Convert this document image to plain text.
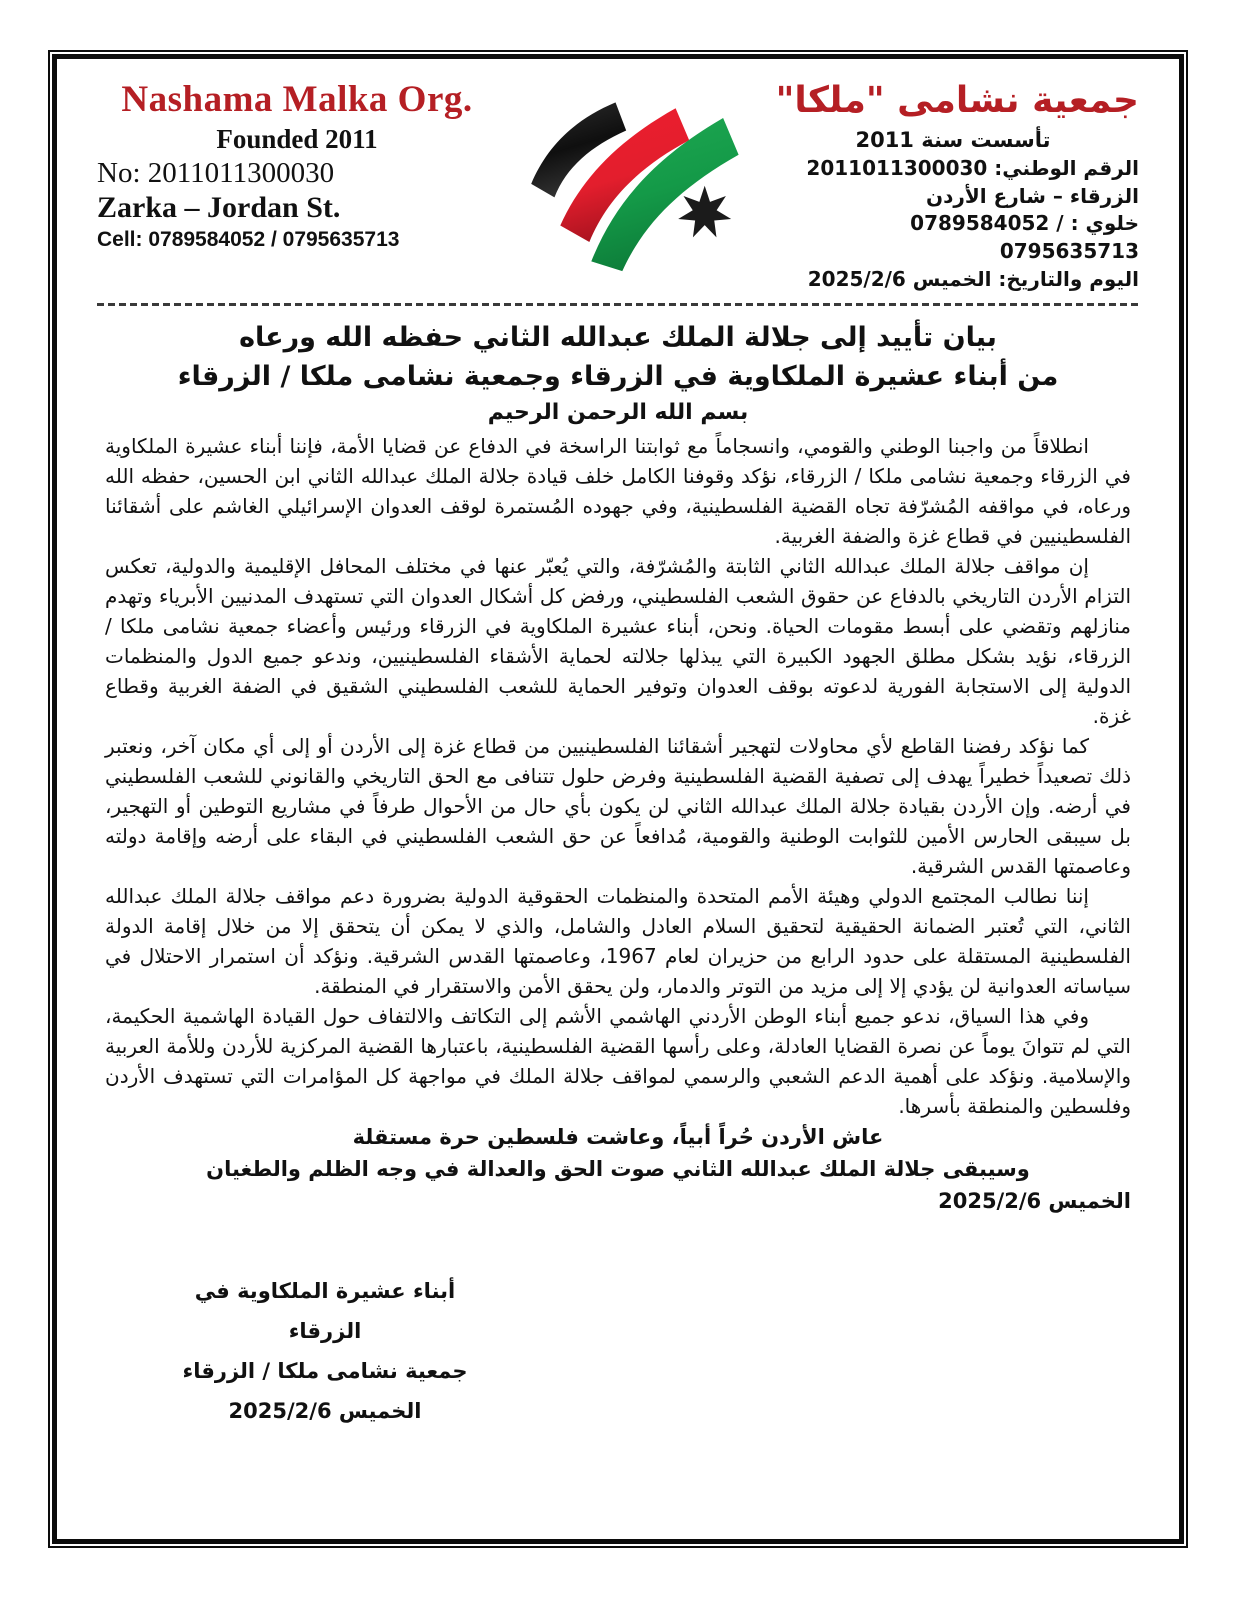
Nashama Malka Org.
Founded 2011
No: 2011011300030
Zarka – Jordan St.
Cell: 0789584052 / 0795635713
جمعية نشامى "ملكا"
تأسست سنة 2011
الرقم الوطني: 2011011300030
الزرقاء – شارع الأردن
خلوي : 0789584052 / 0795635713
اليوم والتاريخ: الخميس 2025/2/6
بيان تأييد إلى جلالة الملك عبدالله الثاني حفظه الله ورعاه
من أبناء عشيرة الملكاوية في الزرقاء وجمعية نشامى ملكا / الزرقاء
بسم الله الرحمن الرحيم

انطلاقاً من واجبنا الوطني والقومي، وانسجاماً مع ثوابتنا الراسخة في الدفاع عن قضايا الأمة، فإننا أبناء عشيرة الملكاوية في الزرقاء وجمعية نشامى ملكا / الزرقاء، نؤكد وقوفنا الكامل خلف قيادة جلالة الملك عبدالله الثاني ابن الحسين، حفظه الله ورعاه، في مواقفه المُشرّفة تجاه القضية الفلسطينية، وفي جهوده المُستمرة لوقف العدوان الإسرائيلي الغاشم على أشقائنا الفلسطينيين في قطاع غزة والضفة الغربية.

إن مواقف جلالة الملك عبدالله الثاني الثابتة والمُشرّفة، والتي يُعبّر عنها في مختلف المحافل الإقليمية والدولية، تعكس التزام الأردن التاريخي بالدفاع عن حقوق الشعب الفلسطيني، ورفض كل أشكال العدوان التي تستهدف المدنيين الأبرياء وتهدم منازلهم وتقضي على أبسط مقومات الحياة. ونحن، أبناء عشيرة الملكاوية في الزرقاء ورئيس وأعضاء جمعية نشامى ملكا / الزرقاء، نؤيد بشكل مطلق الجهود الكبيرة التي يبذلها جلالته لحماية الأشقاء الفلسطينيين، وندعو جميع الدول والمنظمات الدولية إلى الاستجابة الفورية لدعوته بوقف العدوان وتوفير الحماية للشعب الفلسطيني الشقيق في الضفة الغربية وقطاع غزة.

كما نؤكد رفضنا القاطع لأي محاولات لتهجير أشقائنا الفلسطينيين من قطاع غزة إلى الأردن أو إلى أي مكان آخر، ونعتبر ذلك تصعيداً خطيراً يهدف إلى تصفية القضية الفلسطينية وفرض حلول تتنافى مع الحق التاريخي والقانوني للشعب الفلسطيني في أرضه. وإن الأردن بقيادة جلالة الملك عبدالله الثاني لن يكون بأي حال من الأحوال طرفاً في مشاريع التوطين أو التهجير، بل سيبقى الحارس الأمين للثوابت الوطنية والقومية، مُدافعاً عن حق الشعب الفلسطيني في البقاء على أرضه وإقامة دولته وعاصمتها القدس الشرقية.

إننا نطالب المجتمع الدولي وهيئة الأمم المتحدة والمنظمات الحقوقية الدولية بضرورة دعم مواقف جلالة الملك عبدالله الثاني، التي تُعتبر الضمانة الحقيقية لتحقيق السلام العادل والشامل، والذي لا يمكن أن يتحقق إلا من خلال إقامة الدولة الفلسطينية المستقلة على حدود الرابع من حزيران لعام 1967، وعاصمتها القدس الشرقية. ونؤكد أن استمرار الاحتلال في سياساته العدوانية لن يؤدي إلا إلى مزيد من التوتر والدمار، ولن يحقق الأمن والاستقرار في المنطقة.

وفي هذا السياق، ندعو جميع أبناء الوطن الأردني الهاشمي الأشم إلى التكاتف والالتفاف حول القيادة الهاشمية الحكيمة، التي لم تتوانَ يوماً عن نصرة القضايا العادلة، وعلى رأسها القضية الفلسطينية، باعتبارها القضية المركزية للأردن وللأمة العربية والإسلامية. ونؤكد على أهمية الدعم الشعبي والرسمي لمواقف جلالة الملك في مواجهة كل المؤامرات التي تستهدف الأردن وفلسطين والمنطقة بأسرها.

عاش الأردن حُراً أبياً، وعاشت فلسطين حرة مستقلة
وسيبقى جلالة الملك عبدالله الثاني صوت الحق والعدالة في وجه الظلم والطغيان
الخميس 2025/2/6
أبناء عشيرة الملكاوية في الزرقاء
جمعية نشامى ملكا / الزرقاء
الخميس 2025/2/6
